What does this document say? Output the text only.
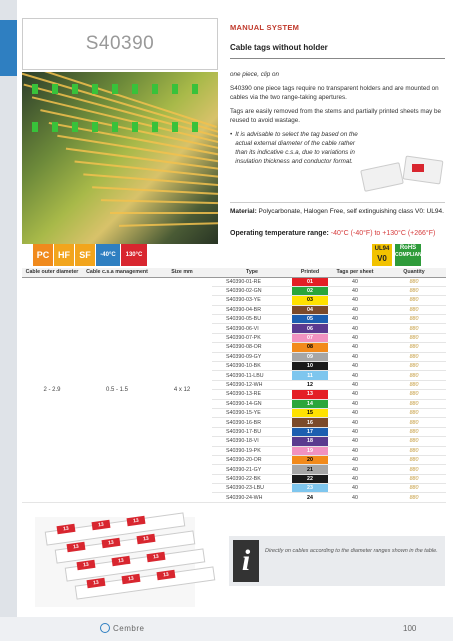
S40390
MANUAL SYSTEM
Cable tags without holder

one piece, clip on

S40390 one piece tags require no transparent holders and are mounted on cables via the two range-taking apertures.

Tags are easily removed from the stems and partially printed sheets may be reused to avoid wastage.

• It is advisable to select the tag based on the actual external diameter of the cable rather than its indicative c.s.a, due to variations in insulation thickness and conductor format.
Material: Polycarbonate, Halogen Free, self extinguishing class V0: UL94.
Operating temperature range: -40°C (-40°F) to +130°C (+266°F)
PC HF	SF	-40°C	130°C
UL94
V0
RoHS
COMPLIANT
Cable outer diameter	Cable c.s.a management	Size mm	Type	Printed	Tags per sheet	Quantity
2 - 2.9	0.5 - 1.5	4 x 12	S40390-01-RE	01	40	880
			S40390-02-GN	02	40	880
			S40390-03-YE	03	40	880
			S40390-04-BR	04	40	880
			S40390-05-BU	05	40	880
			S40390-06-VI	06	40	880
			S40390-07-PK	07	40	880
			S40390-08-OR	08	40	880
			S40390-09-GY	09	40	880
			S40390-10-BK	10	40	880
			S40390-11-LBU	11	40	880
			S40390-12-WH	12	40	880
			S40390-13-RE	13	40	880
			S40390-14-GN	14	40	880
			S40390-15-YE	15	40	880
			S40390-16-BR	16	40	880
			S40390-17-BU	17	40	880
			S40390-18-VI	18	40	880
			S40390-19-PK	19	40	880
			S40390-20-OR	20	40	880
			S40390-21-GY	21	40	880
			S40390-22-BK	22	40	880
			S40390-23-LBU	23	40	880
			S40390-24-WH	24	40	880
13
13
13
13
13
13
13
13
13
13
13
13 i	Directly on cables according to the diameter ranges shown in the table.
Cembre	100
